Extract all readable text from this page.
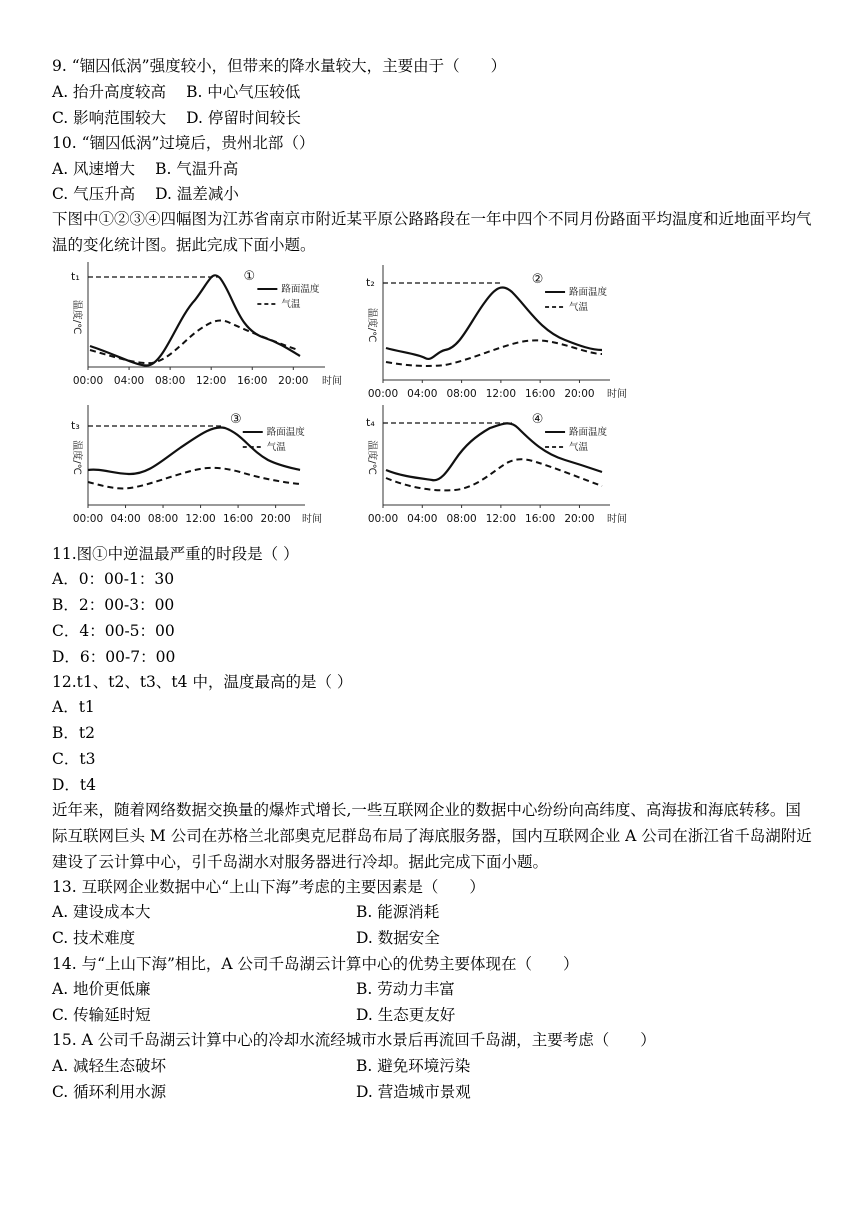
9. “锢囚低涡”强度较小，但带来的降水量较大，主要由于（　　）
A. 抬升高度较高 B. 中心气压较低
C. 影响范围较大 D. 停留时间较长
10. “锢囚低涡”过境后，贵州北部（）
A. 风速增大 B. 气温升高
C. 气压升高 D. 温差减小
下图中①②③④四幅图为江苏省南京市附近某平原公路路段在一年中四个不同月份路面平均温度和近地面平均气温的变化统计图。据此完成下面小题。
温度/℃
00:00 04:00 08:00 12:00 16:00 20:00 时间
t₁	①
路面温度
气温
温度/℃
00:00 04:00 08:00 12:00 16:00 20:00 时间
t₂	②
路面温度
气温
温度/℃
00:00 04:00 08:00 12:00 16:00 20:00 时间
t₃	③
路面温度
气温	温度/℃
00:00 04:00 08:00 12:00 16:00 20:00 时间
t₄	④
路面温度
气温
11.图①中逆温最严重的时段是（ ）
A．0：00-1：30
B．2：00-3：00
C．4：00-5：00
D．6：00-7：00
12.t1、t2、t3、t4 中，温度最高的是（ ）
A．t1
B．t2
C．t3
D．t4
近年来，随着网络数据交换量的爆炸式增长,一些互联网企业的数据中心纷纷向高纬度、高海拔和海底转移。国际互联网巨头 M 公司在苏格兰北部奥克尼群岛布局了海底服务器，国内互联网企业 A 公司在浙江省千岛湖附近建设了云计算中心，引千岛湖水对服务器进行冷却。据此完成下面小题。
13. 互联网企业数据中心“上山下海”考虑的主要因素是（　　）
A. 建设成本大	B. 能源消耗
C. 技术难度	D. 数据安全
14. 与“上山下海”相比，A 公司千岛湖云计算中心的优势主要体现在（　　）
A. 地价更低廉	B. 劳动力丰富
C. 传输延时短	D. 生态更友好
15. A 公司千岛湖云计算中心的冷却水流经城市水景后再流回千岛湖，主要考虑（　　）
A. 减轻生态破坏	B. 避免环境污染
C. 循环利用水源	D. 营造城市景观
